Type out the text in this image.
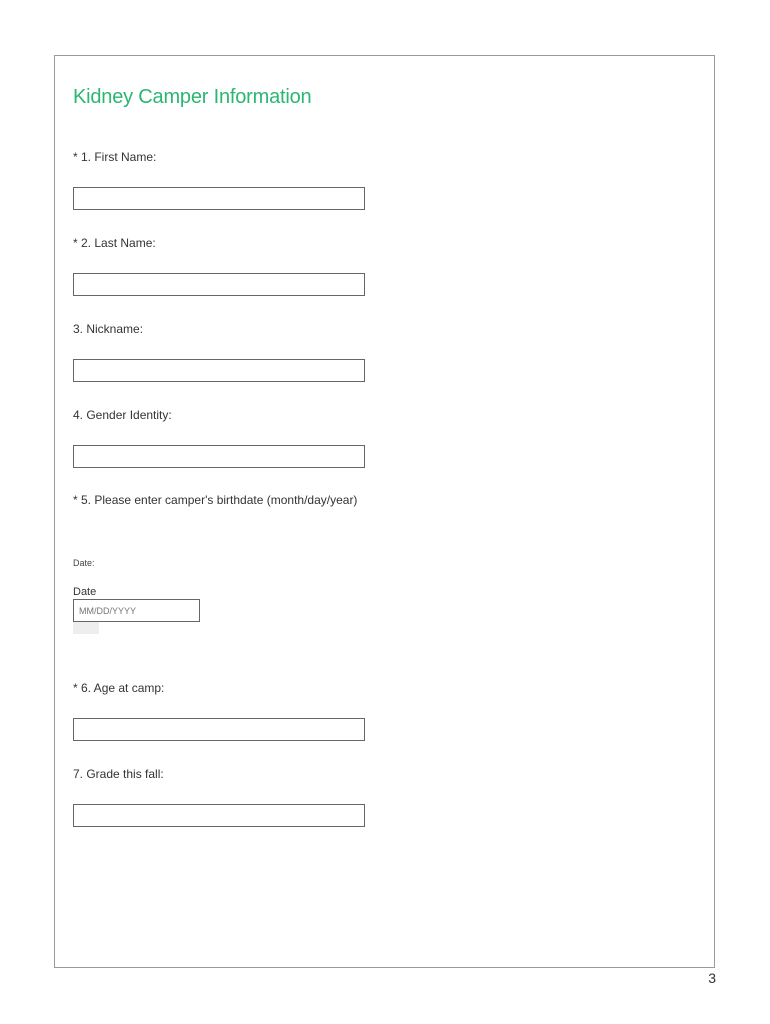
Kidney Camper Information
* 1. First Name:
* 2. Last Name:
3. Nickname:
4. Gender Identity:
* 5. Please enter camper's birthdate (month/day/year)
Date:
Date
MM/DD/YYYY
* 6. Age at camp:
7. Grade this fall:
3
